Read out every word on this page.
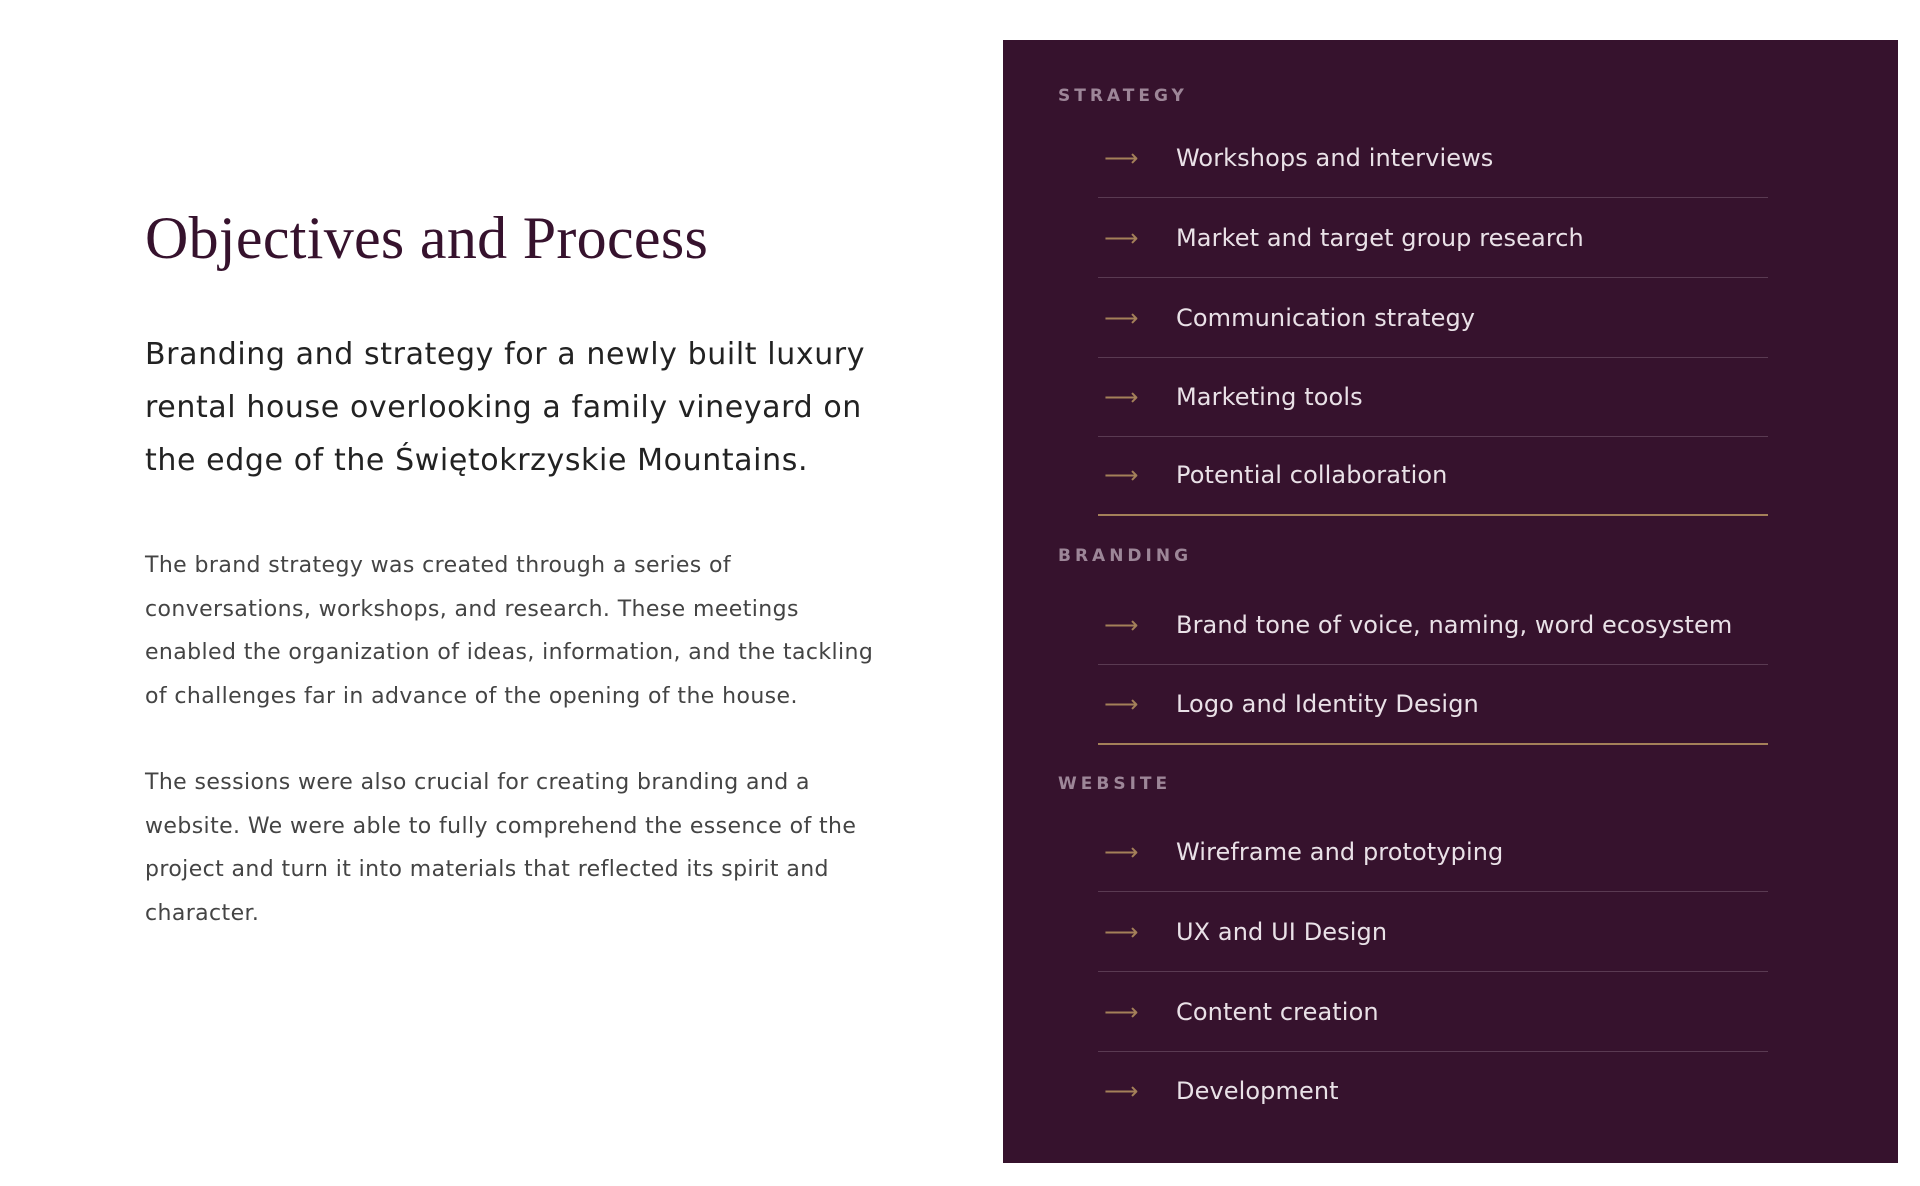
Objectives and Process

Branding and strategy for a newly built luxury rental house overlooking a family vineyard on the edge of the Świętokrzyskie Mountains.

The brand strategy was created through a series of conversations, workshops, and research. These meetings enabled the organization of ideas, information, and the tackling of challenges far in advance of the opening of the house.

The sessions were also crucial for creating branding and a website. We were able to fully comprehend the essence of the project and turn it into materials that reflected its spirit and character.

STRATEGY
⟶	Workshops and interviews
⟶	Market and target group research
⟶	Communication strategy
⟶	Marketing tools
⟶	Potential collaboration
BRANDING
⟶	Brand tone of voice, naming, word ecosystem
⟶	Logo and Identity Design
WEBSITE
⟶	Wireframe and prototyping
⟶	UX and UI Design
⟶	Content creation
⟶	Development
